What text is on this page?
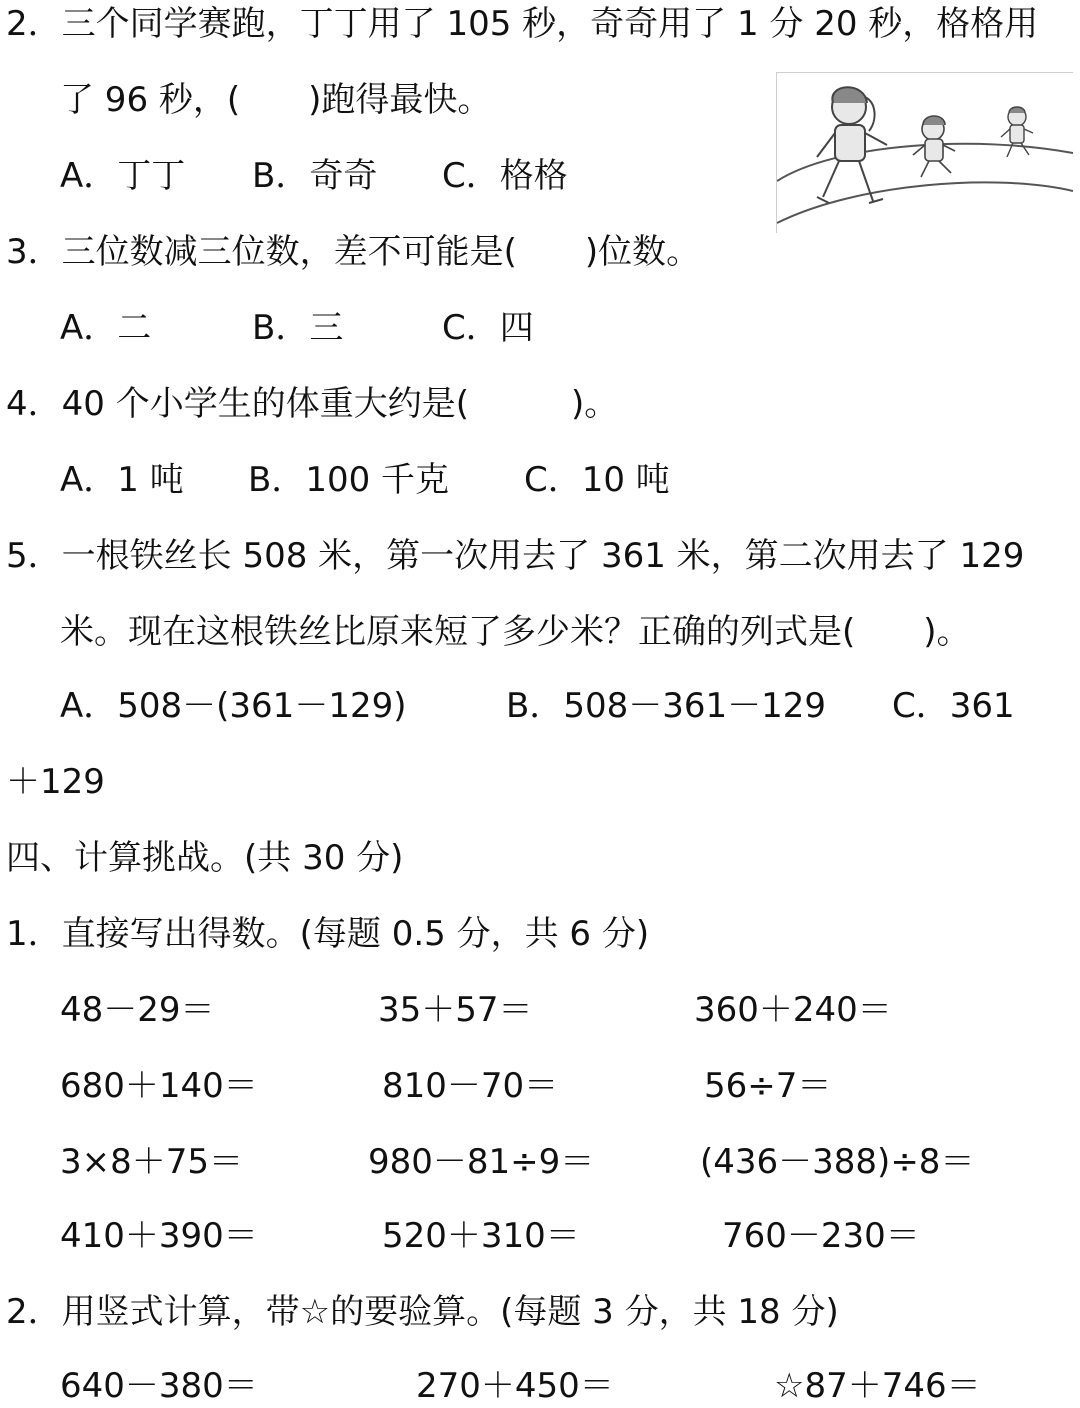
2．三个同学赛跑，丁丁用了 105 秒，奇奇用了 1 分 20 秒，格格用
了 96 秒，(　　)跑得最快。
A．丁丁 B．奇奇 C．格格
3．三位数减三位数，差不可能是(　　)位数。
A．二	B．三	C．四
4．40 个小学生的体重大约是(　　　)。
A．1 吨 B．100 千克 C．10 吨
5．一根铁丝长 508 米，第一次用去了 361 米，第二次用去了 129
米。现在这根铁丝比原来短了多少米？正确的列式是(　　)。
A．508－(361－129)	B．508－361－129 C．361
＋129
四、计算挑战。(共 30 分)
1．直接写出得数。(每题 0.5 分，共 6 分)
48－29＝	35＋57＝	360＋240＝
680＋140＝	810－70＝	56÷7＝
3×8＋75＝	980－81÷9＝	(436－388)÷8＝
410＋390＝	520＋310＝	760－230＝
2．用竖式计算，带☆的要验算。(每题 3 分，共 18 分)
640－380＝	270＋450＝	☆87＋746＝
